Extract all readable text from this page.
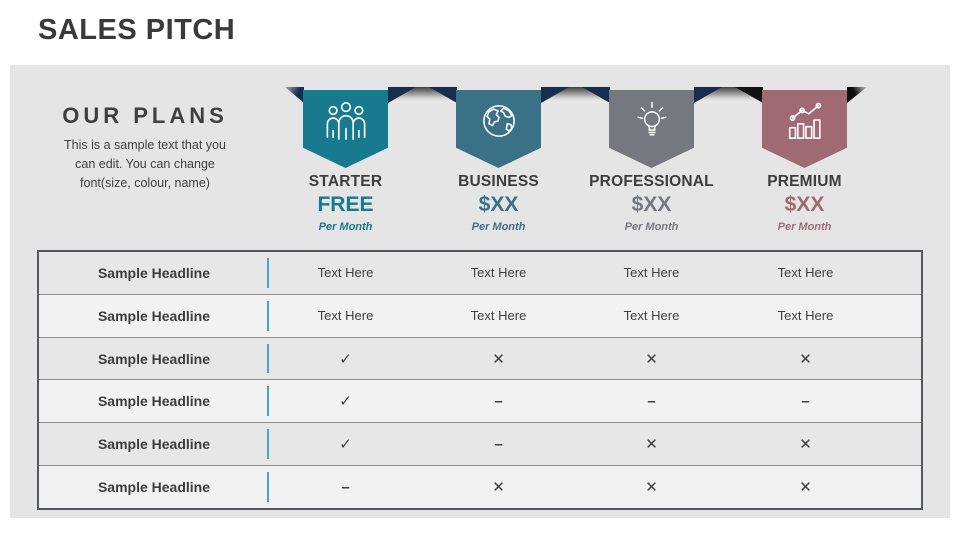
SALES PITCH
OUR PLANS

This is a sample text that you
can edit. You can change
font(size, colour, name)	STARTER
FREE
Per Month
BUSINESS
$XX
Per Month
PROFESSIONAL
$XX
Per Month
PREMIUM
$XX
Per Month
Sample Headline	Text Here	Text Here	Text Here	Text Here
Sample Headline	Text Here	Text Here	Text Here	Text Here
Sample Headline	✓	✕	✕	✕
Sample Headline	✓	–	–	–
Sample Headline	✓	–	✕	✕
Sample Headline	–	✕	✕	✕
